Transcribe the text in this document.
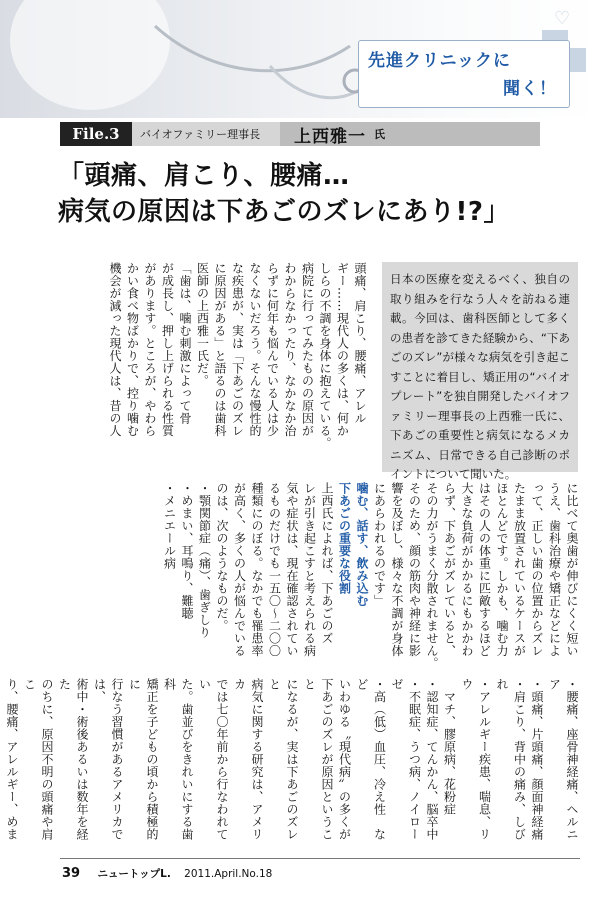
♡
先進クリニックに
聞く！
File.3	バイオファミリー理事長	上西雅一 氏
「頭痛、肩こり、腰痛…
病気の原因は下あごのズレにあり!?」
日本の医療を変えるべく、独自の取り組みを行なう人々を訪ねる連載。今回は、歯科医師として多くの患者を診てきた経験から、“下あごのズレ”が様々な病気を引き起こすことに着目し、矯正用の“バイオプレート”を独自開発したバイオファミリー理事長の上西雅一氏に、下あごの重要性と病気になるメカニズム、日常できる自己診断のポイントについて聞いた。
頭痛、肩こり、腰痛、アレル
ギー……現代人の多くは、何か
しらの不調を身体に抱えている。
病院に行ってみたものの原因が
わからなかったり、なかなか治
らずに何年も悩んでいる人は少
なくないだろう。そんな慢性的
な疾患が、実は「下あごのズレ
に原因がある」と語るのは歯科
医師の上西雅一氏だ。
「歯は、噛む刺激によって骨
が成長し、押し上げられる性質
があります。ところが、やわら
かい食べ物ばかりで、控り噛む
機会が減った現代人は、昔の人
に比べて奥歯が伸びにくく短い
うえ、歯科治療や矯正などによ
って、正しい歯の位置からズレ
たまま放置されているケースが
ほとんどです。しかも、噛む力
はその人の体重に匹敵するほど
大きな負荷がかかるにもかかわ
らず、下あごがズレていると、
その力がうまく分散されません。
そのため、顔の筋肉や神経に影
響を及ぼし、様々な不調が身体
にあらわれるのです」
噛む、話す、飲み込む
下あごの重要な役割
上西氏によれば、下あごのズ
レが引き起こすと考えられる病
気や症状は、現在確認されてい
るものだけでも一五〇～二〇〇
種類にのぼる。なかでも罹患率
が高く、多くの人が悩んでいる
のは、次のようなものだ。
・顎関節症（痛）、歯ぎしり
・めまい、耳鳴り、難聴
・メニエール病
・腰痛、座骨神経痛、ヘルニア
・頭痛、片頭痛、顔面神経痛
・肩こり、背中の痛み、しびれ
・アレルギー疾患、喘息、リウ
　マチ、膠原病、花粉症
・認知症、てんかん、脳卒中
・不眠症、うつ病、ノイローゼ
・高（低）血圧、冷え性　など
いわゆる〝現代病〟の多くが
下あごのズレが原因ということ
になるが、実は下あごのズレと
病気に関する研究は、アメリカ
では七〇年前から行なわれてい
た。歯並びをきれいにする歯科
矯正を子どもの頃から積極的に
行なう習慣があるアメリカでは、
術中・術後あるいは数年を経た
のちに、原因不明の頭痛や肩こ
り、腰痛、アレルギー、めま
39 ニュートップL. 2011.April.No.18
